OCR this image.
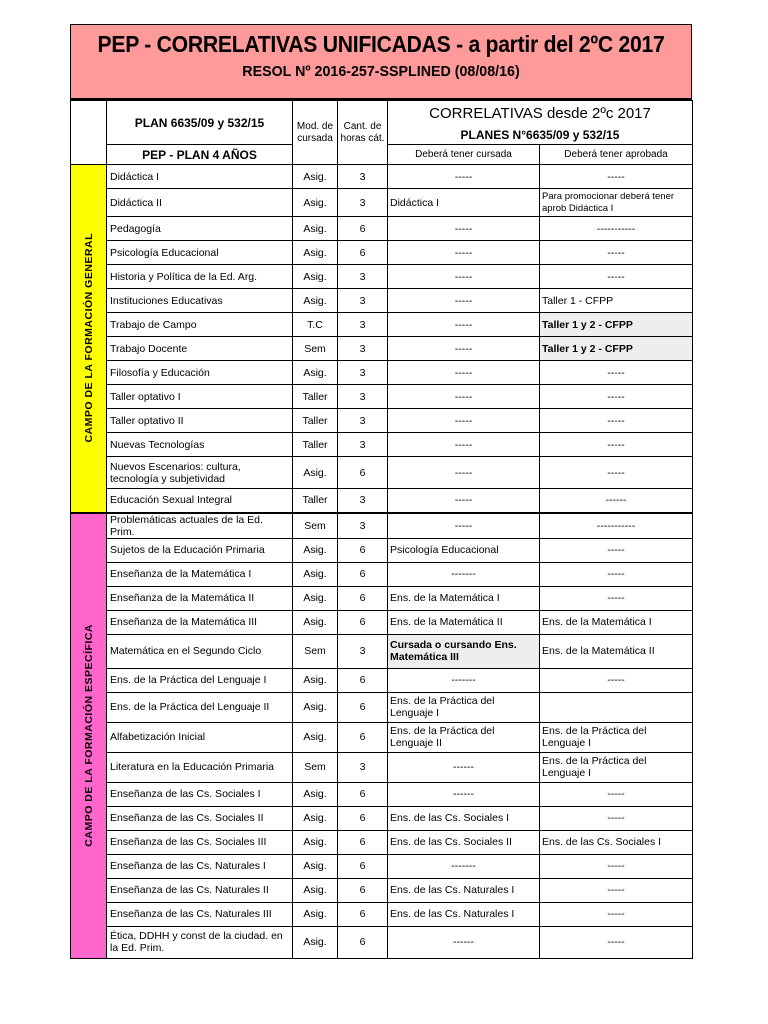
PEP - CORRELATIVAS UNIFICADAS - a partir del 2ºC 2017
RESOL Nº 2016-257-SSPLINED (08/08/16)
	PLAN 6635/09 y 532/15	Mod. de cursada	Cant. de horas cát.	CORRELATIVAS desde 2ºc 2017	
				PLANES N°6635/09 y 532/15	
	PEP - PLAN 4 AÑOS			Deberá tener cursada	Deberá tener aprobada

CAMPO DE LA FORMACIÓN GENERAL	Didáctica I	Asig.	3	-----	-----
	Didáctica II	Asig.	3	Didáctica I	Para promocionar deberá tener aprob Didáctica I
	Pedagogía	Asig.	6	-----	-----------
	Psicología Educacional	Asig.	6	-----	-----
	Historia y Política de la Ed. Arg.	Asig.	3	-----	-----
	Instituciones Educativas	Asig.	3	-----	Taller 1 - CFPP
	Trabajo de Campo	T.C	3	-----	Taller 1 y 2 - CFPP
	Trabajo Docente	Sem	3	-----	Taller 1 y 2 - CFPP
	Filosofía y Educación	Asig.	3	-----	-----
	Taller optativo I	Taller	3	-----	-----
	Taller optativo II	Taller	3	-----	-----
	Nuevas Tecnologías	Taller	3	-----	-----
	Nuevos Escenarios: cultura, tecnología y subjetividad	Asig.	6	-----	-----
	Educación Sexual Integral	Taller	3	-----	------

CAMPO DE LA FORMACIÓN ESPECÍFICA	Problemáticas actuales de la Ed. Prim.	Sem	3	-----	-----------
	Sujetos de la Educación Primaria	Asig.	6	Psicología Educacional	-----
	Enseñanza de la Matemática I	Asig.	6	-------	-----
	Enseñanza de la Matemática II	Asig.	6	Ens. de la Matemática I	-----
	Enseñanza de la Matemática III	Asig.	6	Ens. de la Matemática II	Ens. de la Matemática I
	Matemática en el Segundo Ciclo	Sem	3	Cursada o cursando Ens. Matemática III	Ens. de la Matemática II
	Ens. de la Práctica del Lenguaje I	Asig.	6	-------	-----
	Ens. de la Práctica del Lenguaje II	Asig.	6	Ens. de la Práctica del Lenguaje I	
	Alfabetización Inicial	Asig.	6	Ens. de la Práctica del Lenguaje II	Ens. de la Práctica del Lenguaje I
	Literatura en la Educación Primaria	Sem	3	------	Ens. de la Práctica del Lenguaje I
	Enseñanza de las Cs. Sociales I	Asig.	6	------	-----
	Enseñanza de las Cs. Sociales II	Asig.	6	Ens. de las Cs. Sociales I	-----
	Enseñanza de las Cs. Sociales III	Asig.	6	Ens. de las Cs. Sociales II	Ens. de las Cs. Sociales I
	Enseñanza de las Cs. Naturales I	Asig.	6	-------	-----
	Enseñanza de las Cs. Naturales II	Asig.	6	Ens. de las Cs. Naturales I	-----
	Enseñanza de las Cs. Naturales III	Asig.	6	Ens. de las Cs. Naturales I	-----
	Ética, DDHH y const de la ciudad. en la Ed. Prim.	Asig.	6	------	-----
